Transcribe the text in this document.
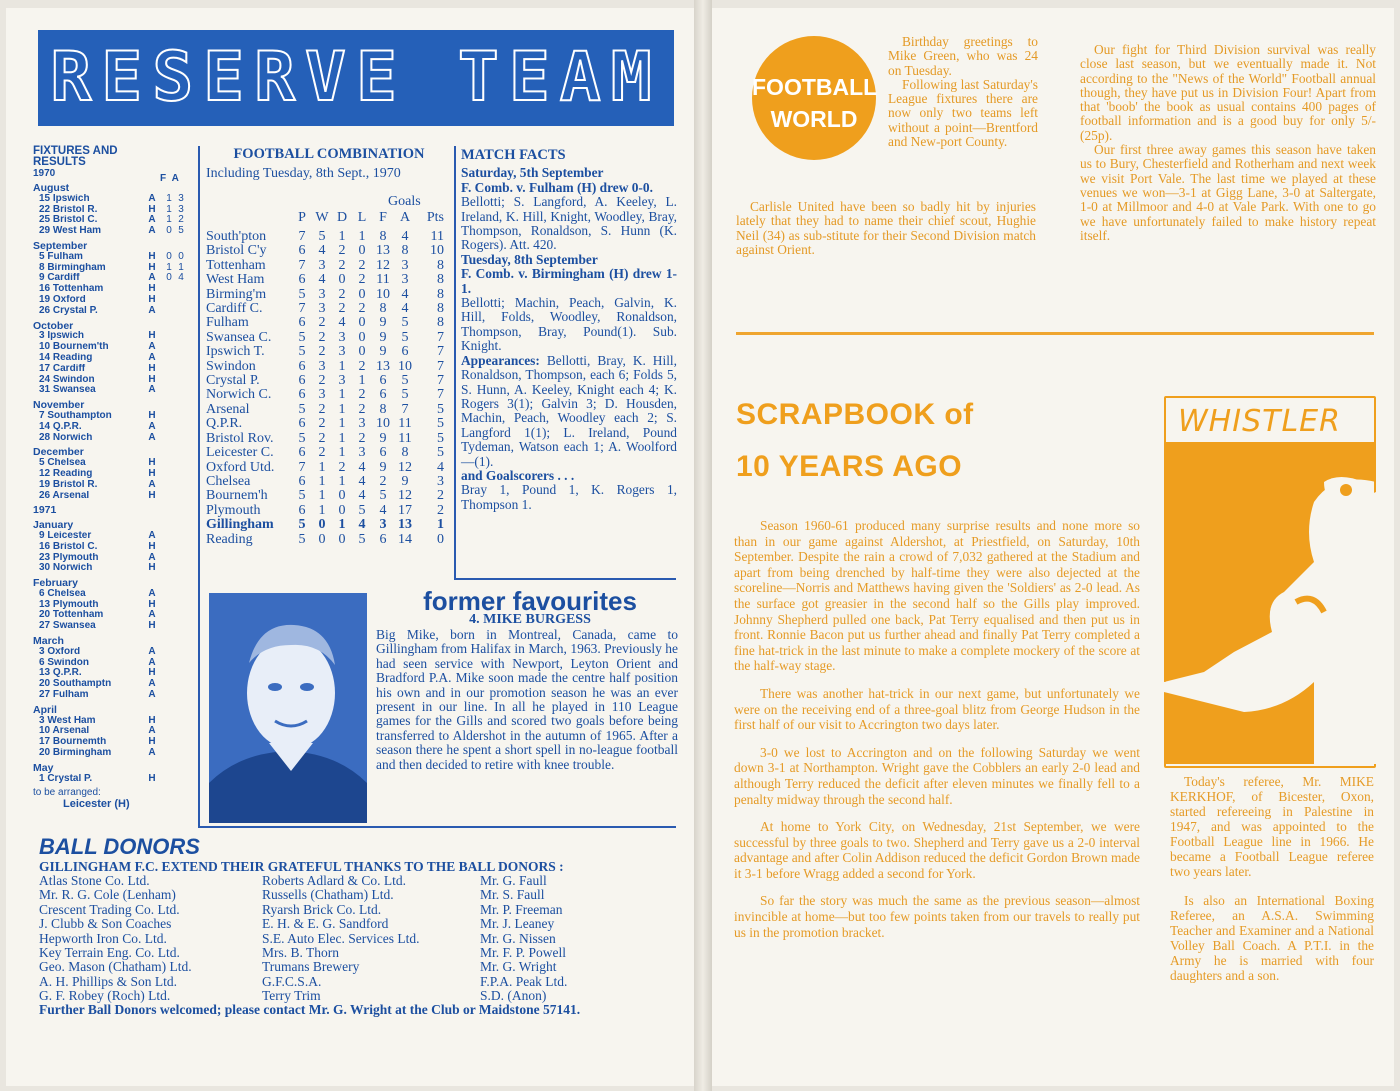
RESERVE TEAM
FIXTURES AND
RESULTS
1970
August
15 Ipswich	A	1 3
22 Bristol R.	H	1 3
25 Bristol C.	A	1 2
29 West Ham	A	0 5
September
5 Fulham	H	0 0
8 Birmingham	H	1 1
9 Cardiff	A	0 4
16 Tottenham	H
19 Oxford	H
26 Crystal P.	A
October
3 Ipswich	H
10 Bournem'th	A
14 Reading	A
17 Cardiff	H
24 Swindon	H
31 Swansea	A
November
7 Southampton	H
14 Q.P.R.	A
28 Norwich	A
December
5 Chelsea	H
12 Reading	H
19 Bristol R.	A
26 Arsenal	H
1971
January
9 Leicester	A
16 Bristol C.	H
23 Plymouth	A
30 Norwich	H
February
6 Chelsea	A
13 Plymouth	H
20 Tottenham	A
27 Swansea	H
March
3 Oxford	A
6 Swindon	A
13 Q.P.R.	H
20 Southamptn	A
27 Fulham	A
April
3 West Ham	H
10 Arsenal	A
17 Bournemth	H
20 Birmingham	A
May
1 Crystal P.	H
to be arranged:
Leicester (H)
F A
FOOTBALL COMBINATION
Including Tuesday, 8th Sept., 1970
Goals
P W D L F A	Pts
South'pton	7 5 1 1	8	4	11
Bristol C'y	6 4 2 0 13 8	10
Tottenham	7 3 2 2 12 3	8
West Ham	6 4 0 2 11 3	8
Birming'm	5 3 2 0 10 4	8
Cardiff C.	7 3 2 2	8	4	8
Fulham	6 2 4 0	9	5	8
Swansea C.	5 2 3 0	9	5	7
Ipswich T.	5 2 3 0	9	6	7
Swindon	6 3 1 2 13 10	7
Crystal P.	6 2 3 1	6	5	7
Norwich C.	6 3 1 2	6	5	7
Arsenal	5 2 1 2	8	7	5
Q.P.R.	6 2 1 3 10 11	5
Bristol Rov.	5 2 1 2	9 11	5
Leicester C.	6 2 1 3	6	8	5
Oxford Utd.	7 1 2 4	9 12	4
Chelsea	6 1 1 4	2	9	3
Bournem'h	5 1 0 4	5 12	2
Plymouth	6 1 0 5	4 17	2
Gillingham	5 0 1 4	3 13	1
Reading	5 0 0 5	6 14	0

MATCH FACTS

Saturday, 5th September

F. Comb. v. Fulham (H) drew 0-0.

Bellotti; S. Langford, A. Keeley, L. Ireland, K. Hill, Knight, Woodley, Bray, Thompson, Ronaldson, S. Hunn (K. Rogers). Att. 420.

Tuesday, 8th September

F. Comb. v. Birmingham (H) drew 1-1.

Bellotti; Machin, Peach, Galvin, K. Hill, Folds, Woodley, Ronaldson, Thompson, Bray, Pound(1). Sub. Knight.

Appearances: Bellotti, Bray, K. Hill, Ronaldson, Thompson, each 6; Folds 5, S. Hunn, A. Keeley, Knight each 4; K. Rogers 3(1); Galvin 3; D. Housden, Machin, Peach, Woodley each 2; S. Langford 1(1); L. Ireland, Pound Tydeman, Watson each 1; A. Woolford—(1).

and Goalscorers . . .

Bray 1, Pound 1, K. Rogers 1, Thompson 1.

former favourites
4. MIKE BURGESS
Big Mike, born in Montreal, Canada, came to Gillingham from Halifax in March, 1963. Previously he had seen service with Newport, Leyton Orient and Bradford P.A. Mike soon made the centre half position his own and in our promotion season he was an ever present in our line. In all he played in 110 League games for the Gills and scored two goals before being transferred to Aldershot in the autumn of 1965. After a season there he spent a short spell in no-league football and then decided to retire with knee trouble.
BALL DONORS
GILLINGHAM F.C. EXTEND THEIR GRATEFUL THANKS TO THE BALL DONORS :
Atlas Stone Co. Ltd.
Mr. R. G. Cole (Lenham)
Crescent Trading Co. Ltd.
J. Clubb & Son Coaches
Hepworth Iron Co. Ltd.
Key Terrain Eng. Co. Ltd.
Geo. Mason (Chatham) Ltd.
A. H. Phillips & Son Ltd.
G. F. Robey (Roch) Ltd.
Roberts Adlard & Co. Ltd.
Russells (Chatham) Ltd.
Ryarsh Brick Co. Ltd.
E. H. & E. G. Sandford
S.E. Auto Elec. Services Ltd.
Mrs. B. Thorn
Trumans Brewery
G.F.C.S.A.
Terry Trim
Mr. G. Faull
Mr. S. Faull
Mr. P. Freeman
Mr. J. Leaney
Mr. G. Nissen
Mr. F. P. Powell
Mr. G. Wright
F.P.A. Peak Ltd.
S.D. (Anon)
Further Ball Donors welcomed; please contact Mr. G. Wright at the Club or Maidstone 57141.
FOOTBALL
WORLD

Birthday greetings to Mike Green, who was 24 on Tuesday.

Following last Saturday's League fixtures there are now only two teams left without a point—Brentford and New-port County.

Carlisle United have been so badly hit by injuries lately that they had to name their chief scout, Hughie Neil (34) as sub-stitute for their Second Division match against Orient.

Our fight for Third Division survival was really close last season, but we eventually made it. Not according to the "News of the World" Football annual though, they have put us in Division Four! Apart from that 'boob' the book as usual contains 400 pages of football information and is a good buy for only 5/- (25p).

Our first three away games this season have taken us to Bury, Chesterfield and Rotherham and next week we visit Port Vale. The last time we played at these venues we won—3-1 at Gigg Lane, 3-0 at Saltergate, 1-0 at Millmoor and 4-0 at Vale Park. With one to go we have unfortunately failed to make history repeat itself.

SCRAPBOOK of
10 YEARS AGO

Season 1960-61 produced many surprise results and none more so than in our game against Aldershot, at Priestfield, on Saturday, 10th September. Despite the rain a crowd of 7,032 gathered at the Stadium and apart from being drenched by half-time they were also dejected at the scoreline—Norris and Matthews having given the 'Soldiers' as 2-0 lead. As the surface got greasier in the second half so the Gills play improved. Johnny Shepherd pulled one back, Pat Terry equalised and then put us in front. Ronnie Bacon put us further ahead and finally Pat Terry completed a fine hat-trick in the last minute to make a complete mockery of the score at the half-way stage.

There was another hat-trick in our next game, but unfortunately we were on the receiving end of a three-goal blitz from George Hudson in the first half of our visit to Accrington two days later.

3-0 we lost to Accrington and on the following Saturday we went down 3-1 at Northampton. Wright gave the Cobblers an early 2-0 lead and although Terry reduced the deficit after eleven minutes we finally fell to a penalty midway through the second half.

At home to York City, on Wednesday, 21st September, we were successful by three goals to two. Shepherd and Terry gave us a 2-0 interval advantage and after Colin Addison reduced the deficit Gordon Brown made it 3-1 before Wragg added a second for York.

So far the story was much the same as the previous season—almost invincible at home—but too few points taken from our travels to really put us in the promotion bracket.

WHISTLER

Today's referee, Mr. MIKE KERKHOF, of Bicester, Oxon, started refereeing in Palestine in 1947, and was appointed to the Football League line in 1966. He became a Football League referee two years later.

Is also an International Boxing Referee, an A.S.A. Swimming Teacher and Examiner and a National Volley Ball Coach. A P.T.I. in the Army he is married with four daughters and a son.
